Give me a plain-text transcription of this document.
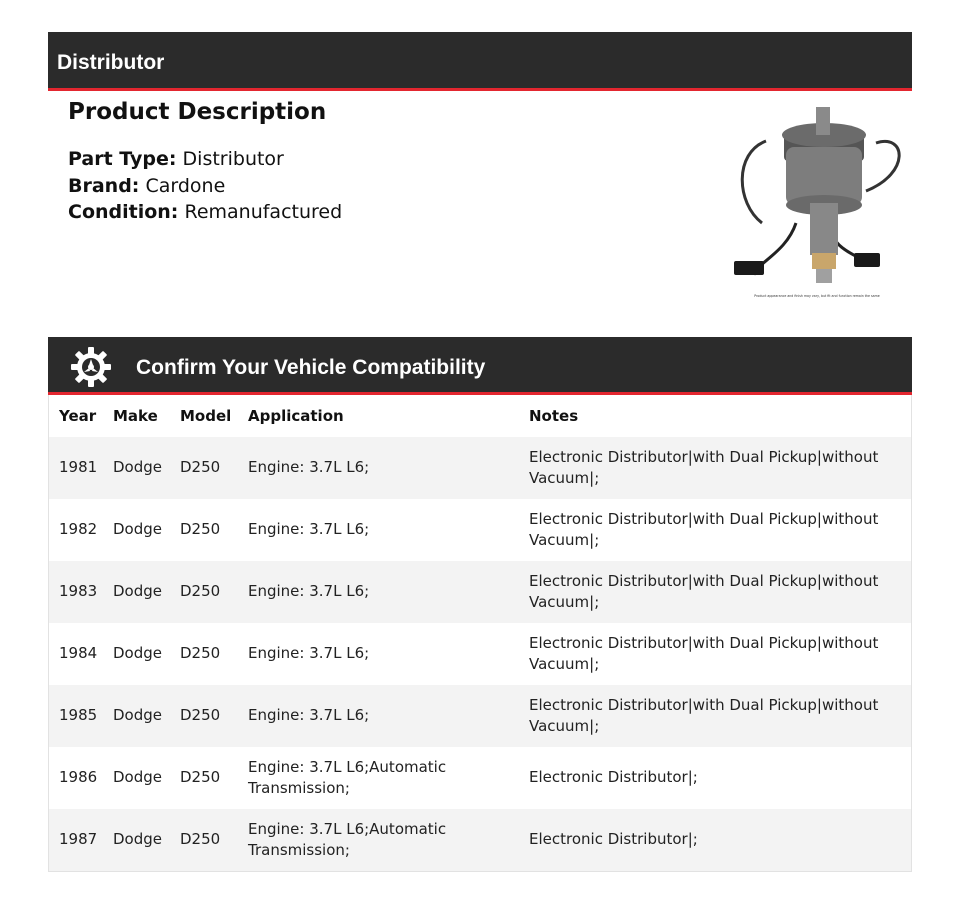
Distributor
Product Description
Part Type: Distributor
Brand: Cardone
Condition: Remanufactured
Product appearance and finish may vary, but fit and function remain the same
Confirm Your Vehicle Compatibility
Year	Make	Model	Application	Notes
1981	Dodge	D250	Engine: 3.7L L6;	Electronic Distributor|with Dual Pickup|without Vacuum|;
1982	Dodge	D250	Engine: 3.7L L6;	Electronic Distributor|with Dual Pickup|without Vacuum|;
1983	Dodge	D250	Engine: 3.7L L6;	Electronic Distributor|with Dual Pickup|without Vacuum|;
1984	Dodge	D250	Engine: 3.7L L6;	Electronic Distributor|with Dual Pickup|without Vacuum|;
1985	Dodge	D250	Engine: 3.7L L6;	Electronic Distributor|with Dual Pickup|without Vacuum|;
1986	Dodge	D250	Engine: 3.7L L6;Automatic Transmission;	Electronic Distributor|;
1987	Dodge	D250	Engine: 3.7L L6;Automatic Transmission;	Electronic Distributor|;
